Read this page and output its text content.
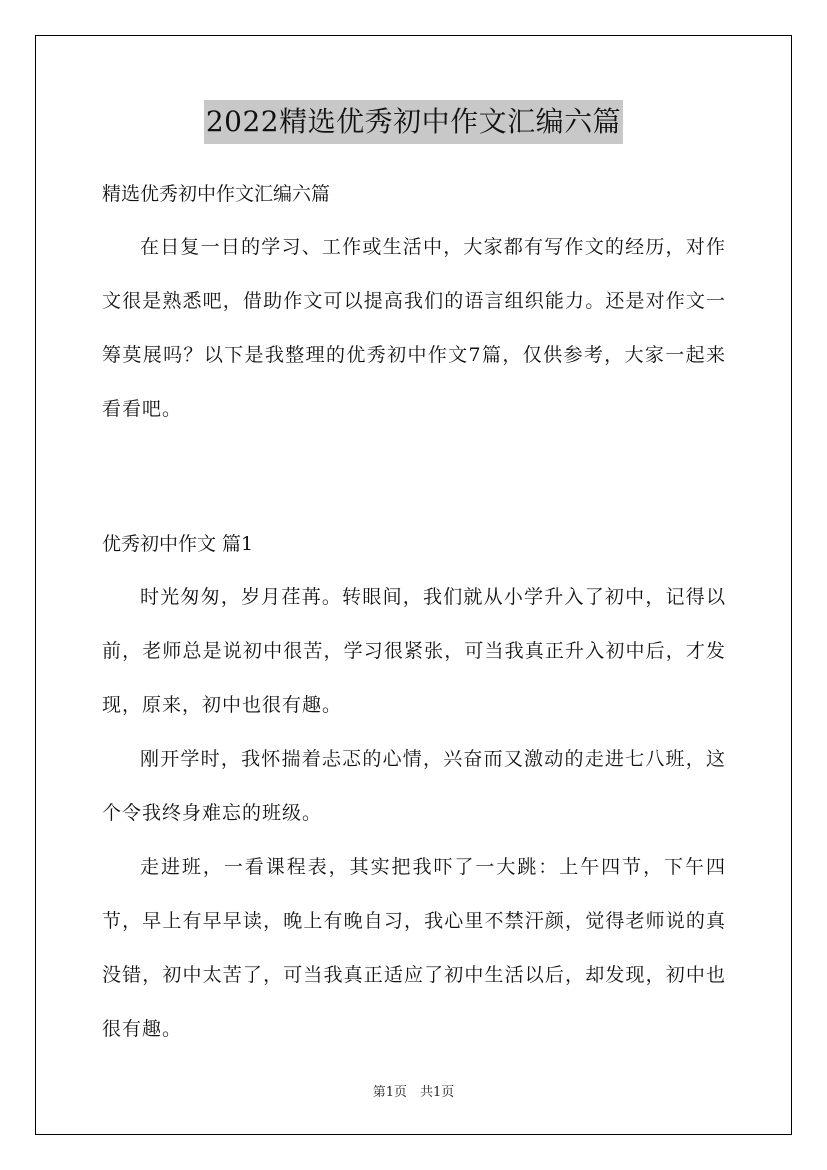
2022精选优秀初中作文汇编六篇

精选优秀初中作文汇编六篇

在日复一日的学习、工作或生活中，大家都有写作文的经历，对作文很是熟悉吧，借助作文可以提高我们的语言组织能力。还是对作文一筹莫展吗？以下是我整理的优秀初中作文7篇，仅供参考，大家一起来看看吧。

优秀初中作文 篇1

时光匆匆，岁月荏苒。转眼间，我们就从小学升入了初中，记得以前，老师总是说初中很苦，学习很紧张，可当我真正升入初中后，才发现，原来，初中也很有趣。

刚开学时，我怀揣着忐忑的心情，兴奋而又激动的走进七八班，这个令我终身难忘的班级。

走进班，一看课程表，其实把我吓了一大跳：上午四节，下午四节，早上有早早读，晚上有晚自习，我心里不禁汗颜，觉得老师说的真没错，初中太苦了，可当我真正适应了初中生活以后，却发现，初中也很有趣。

第1页　共1页
